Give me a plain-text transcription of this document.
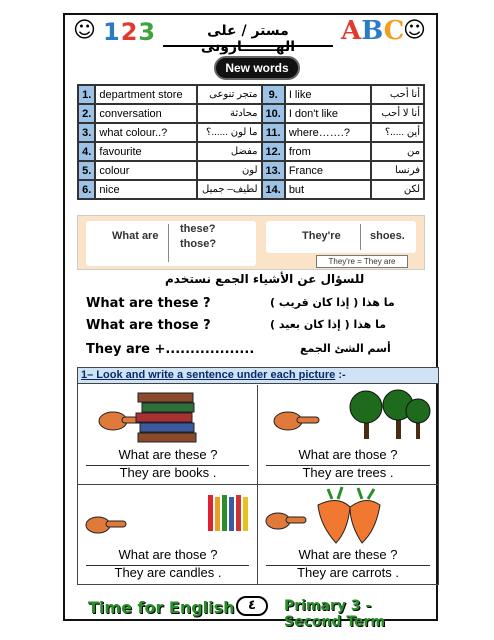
☺ 123	مستر / على الهـــــــارونى
ABC
☺
New words
1.	department store	متجر تنوعى	9.	I like	أنا أحب
2.	conversation	محادثة	10.	I don't like	أنا لا أحب
3.	what colour..?	ما لون ......؟	11.	where…….?	أين .....؟
4.	favourite	مفضل	12.	from	من
5.	colour	لون	13.	France	فرنسا
6.	nice	لطيف– جميل	14.	but	لكن
What are
these?
those?
They're	shoes.
They're = They are
للسؤال عن الأشياء الجمع نستخدم
What are these ?	ما هذا ( إذا كان قريب )
What are those ?	ما هذا ( إذا كان بعيد )
They are +..................	أسم الشئ الجمع
1– Look and write a sentence under each picture :-
What are these ?
They are books .
What are those ?
They are trees .
What are those ?
They are candles .
What are these ?
They are carrots .
Time for English	٤	Primary 3 - Second Term
